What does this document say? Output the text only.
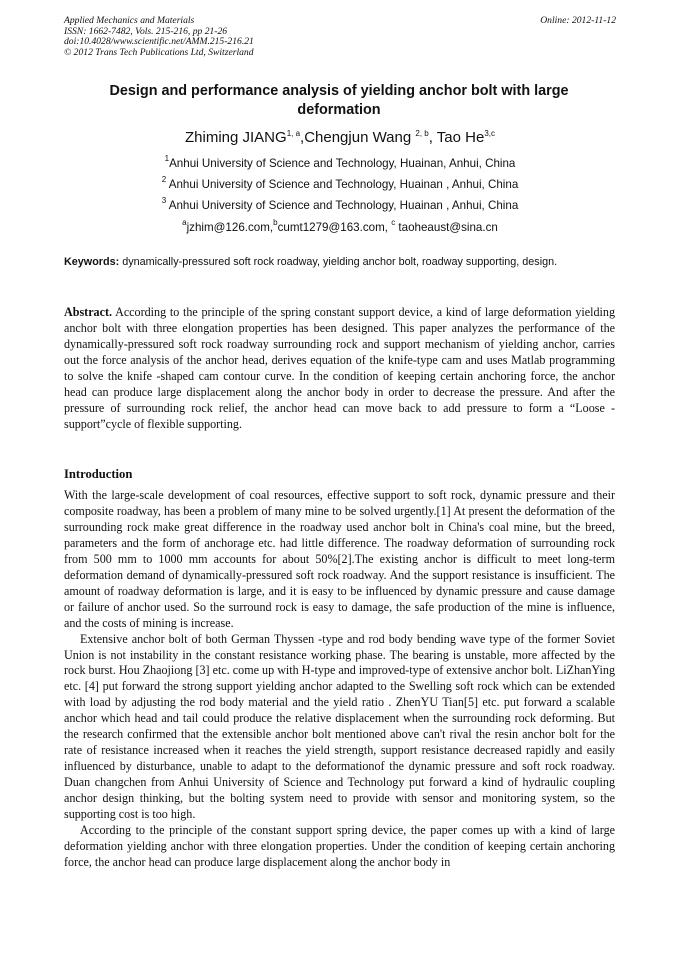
Applied Mechanics and Materials
ISSN: 1662-7482, Vols. 215-216, pp 21-26
doi:10.4028/www.scientific.net/AMM.215-216.21
© 2012 Trans Tech Publications Ltd, Switzerland
Online: 2012-11-12
Design and performance analysis of yielding anchor bolt with large deformation
Zhiming JIANG$^{1, a}$,Chengjun Wang $^{2, b}$, Tao He$^{3,c}$
$^1$Anhui University of Science and Technology, Huainan, Anhui, China
$^2$ Anhui University of Science and Technology, Huainan , Anhui, China
$^3$ Anhui University of Science and Technology, Huainan , Anhui, China
$^a$jzhim@126.com,$^b$cumt1279@163.com, $^c$ taoheaust@sina.cn
Keywords: dynamically-pressured soft rock roadway, yielding anchor bolt, roadway supporting, design.
Abstract. According to the principle of the spring constant support device, a kind of large deformation yielding anchor bolt with three elongation properties has been designed. This paper analyzes the performance of the dynamically-pressured soft rock roadway surrounding rock and support mechanism of yielding anchor, carries out the force analysis of the anchor head, derives equation of the knife-type cam and uses Matlab programming to solve the knife -shaped cam contour curve. In the condition of keeping certain anchoring force, the anchor head can produce large displacement along the anchor body in order to decrease the pressure. And after the pressure of surrounding rock relief, the anchor head can move back to add pressure to form a “Loose - support”cycle of flexible supporting.
Introduction

With the large-scale development of coal resources, effective support to soft rock, dynamic pressure and their composite roadway, has been a problem of many mine to be solved urgently.[1] At present the deformation of the surrounding rock make great difference in the roadway used anchor bolt in China's coal mine, but the breed, parameters and the form of anchorage etc. had little difference. The roadway deformation of surrounding rock from 500 mm to 1000 mm accounts for about 50%[2].The existing anchor is difficult to meet long-term deformation demand of dynamically-pressured soft rock roadway. And the support resistance is insufficient. The amount of roadway deformation is large, and it is easy to be influenced by dynamic pressure and cause damage or failure of anchor used. So the surround rock is easy to damage, the safe production of the mine is influence, and the costs of mining is increase.

Extensive anchor bolt of both German Thyssen -type and rod body bending wave type of the former Soviet Union is not instability in the constant resistance working phase. The bearing is unstable, more affected by the rock burst. Hou Zhaojiong [3] etc. come up with H-type and improved-type of extensive anchor bolt. LiZhanYing etc. [4] put forward the strong support yielding anchor adapted to the Swelling soft rock which can be extended with load by adjusting the rod body material and the yield ratio . ZhenYU Tian[5] etc. put forward a scalable anchor which head and tail could produce the relative displacement when the surrounding rock deforming. But the research confirmed that the extensible anchor bolt mentioned above can't rival the resin anchor bolt for the rate of resistance increased when it reaches the yield strength, support resistance decreased rapidly and easily influenced by disturbance, unable to adapt to the deformationof the dynamic pressure and soft rock roadway. Duan changchen from Anhui University of Science and Technology put forward a kind of hydraulic coupling anchor design thinking, but the bolting system need to provide with sensor and monitoring system, so the supporting cost is too high.

According to the principle of the constant support spring device, the paper comes up with a kind of large deformation yielding anchor with three elongation properties. Under the condition of keeping certain anchoring force, the anchor head can produce large displacement along the anchor body in
